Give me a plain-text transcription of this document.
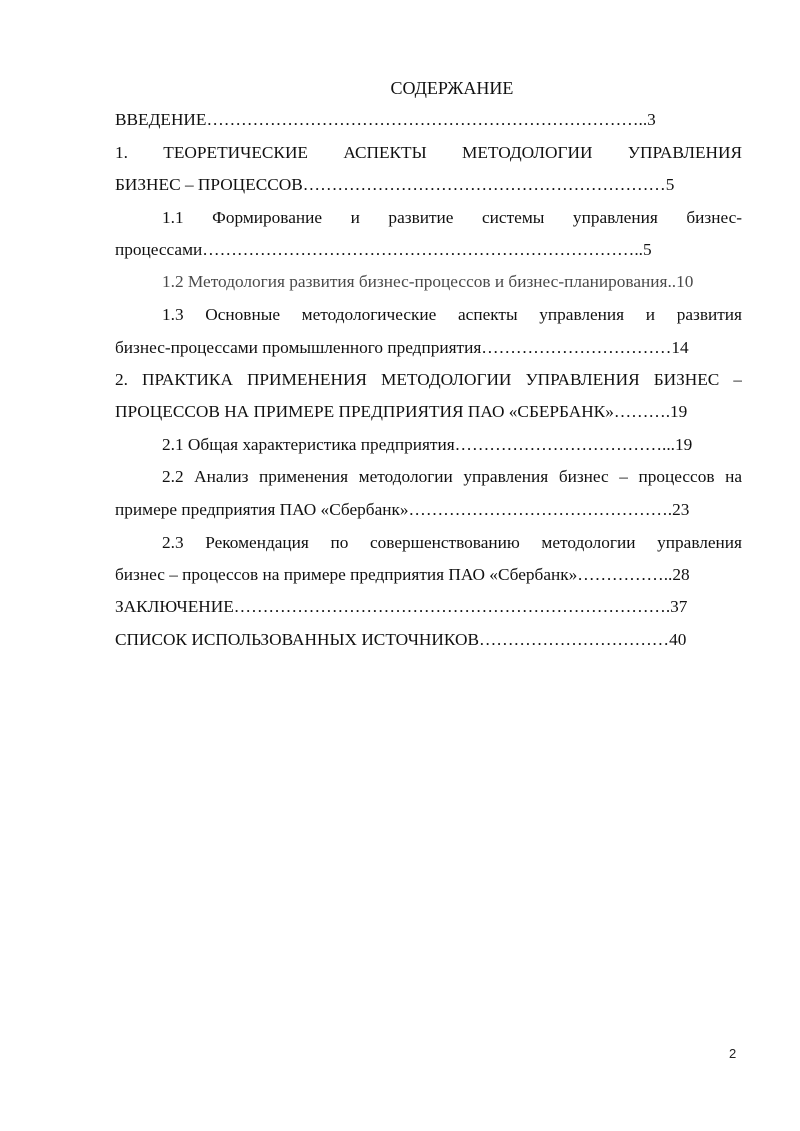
СОДЕРЖАНИЕ
ВВЕДЕНИЕ…………………………………………………………………..3
1. ТЕОРЕТИЧЕСКИЕ АСПЕКТЫ МЕТОДОЛОГИИ УПРАВЛЕНИЯ
БИЗНЕС – ПРОЦЕССОВ………………………………………………………5
1.1 Формирование и развитие системы управления бизнес-
процессами…………………………………………………………………..5
1.2 Методология развития бизнес-процессов и бизнес-планирования..10
1.3 Основные методологические аспекты управления и развития
бизнес-процессами промышленного предприятия……………………………14
2. ПРАКТИКА ПРИМЕНЕНИЯ МЕТОДОЛОГИИ УПРАВЛЕНИЯ БИЗНЕС –
ПРОЦЕССОВ НА ПРИМЕРЕ ПРЕДПРИЯТИЯ ПАО «СБЕРБАНК»……….19
2.1 Общая характеристика предприятия………………………………...19
2.2 Анализ применения методологии управления бизнес – процессов на
примере предприятия ПАО «Сбербанк»……………………………………….23
2.3 Рекомендация по совершенствованию методологии управления
бизнес – процессов на примере предприятия ПАО «Сбербанк»……………..28
ЗАКЛЮЧЕНИЕ………………………………………………………………….37
СПИСОК ИСПОЛЬЗОВАННЫХ ИСТОЧНИКОВ……………………………40
2
